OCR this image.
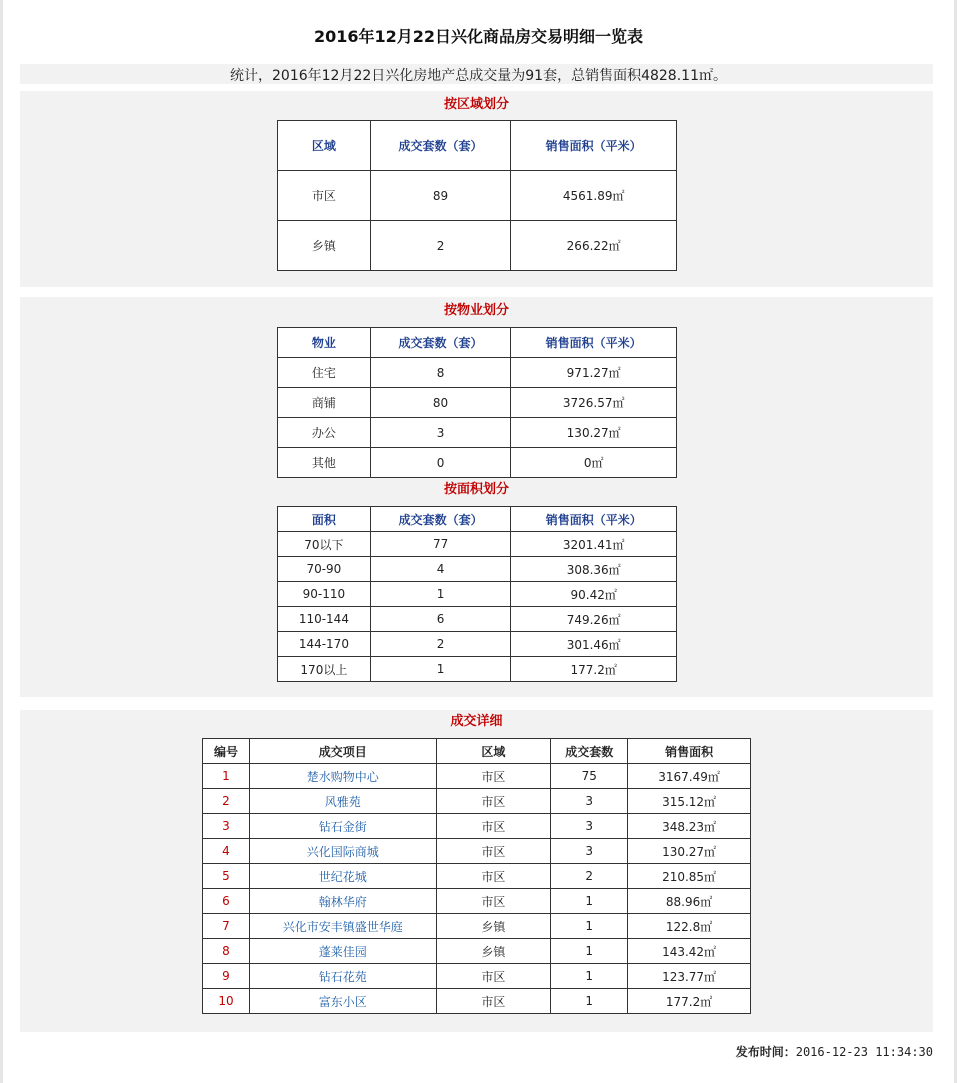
2016年12月22日兴化商品房交易明细一览表
统计，2016年12月22日兴化房地产总成交量为91套，总销售面积4828.11㎡。
按区域划分
区域	成交套数（套）	销售面积（平米）
市区	89	4561.89㎡
乡镇	2	266.22㎡
按物业划分
物业	成交套数（套）	销售面积（平米）
住宅	8	971.27㎡
商铺	80	3726.57㎡
办公	3	130.27㎡
其他	0	0㎡
按面积划分
面积	成交套数（套）	销售面积（平米）
70以下	77	3201.41㎡
70-90	4	308.36㎡
90-110	1	90.42㎡
110-144	6	749.26㎡
144-170	2	301.46㎡
170以上	1	177.2㎡
成交详细
编号	成交项目	区域	成交套数	销售面积
1	楚水购物中心	市区	75	3167.49㎡
2	风雅苑	市区	3	315.12㎡
3	钻石金街	市区	3	348.23㎡
4	兴化国际商城	市区	3	130.27㎡
5	世纪花城	市区	2	210.85㎡
6	翰林华府	市区	1	88.96㎡
7	兴化市安丰镇盛世华庭	乡镇	1	122.8㎡
8	蓬莱佳园	乡镇	1	143.42㎡
9	钻石花苑	市区	1	123.77㎡
10	富东小区	市区	1	177.2㎡
发布时间：2016-12-23 11:34:30
